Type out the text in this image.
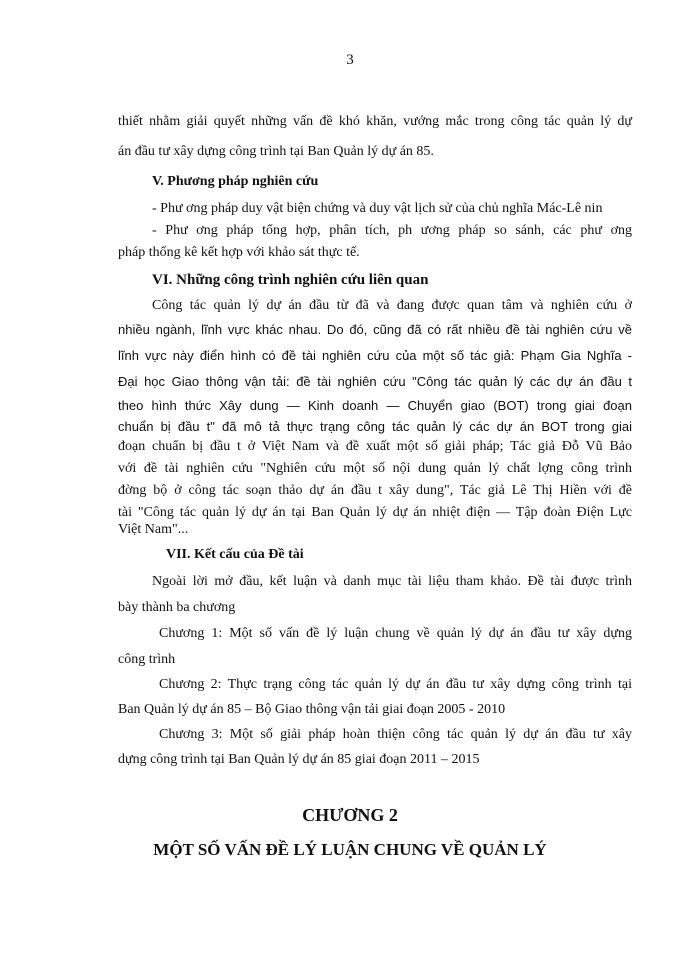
3
thiết nhằm giải quyết những vấn đề khó khăn, vướng mắc trong công tác quản lý dự
án đầu tư xây dựng công trình tại Ban Quản lý dự án 85.
V. Phương pháp nghiên cứu
- Phư ơng pháp duy vật biện chứng và duy vật lịch sử của chủ nghĩa Mác-Lê nin
- Phư ơng pháp tổng hợp, phân tích, ph ương pháp so sánh, các phư ơng
pháp thống kê kết hợp với khảo sát thực tế.
VI. Những công trình nghiên cứu liên quan
Công tác quản lý dự án đầu từ đã và đang được quan tâm và nghiên cứu ở
nhiều ngành, lĩnh vực khác nhau. Do đó, cũng đã có rất nhiều đề tài nghiên cứu về
lĩnh vực này điển hình có đề tài nghiên cứu của một số tác giả: Phạm Gia Nghĩa -
Đại học Giao thông vận tải: đề tài nghiên cứu "Công tác quản lý các dự án đầu t
theo hình thức Xây dung — Kinh doanh — Chuyển giao (BOT) trong giai đoạn
chuẩn bị đầu t" đã mô tả thực trạng công tác quản lý các dự án BOT trong giai
đoạn chuẩn bị đầu t ở Việt Nam và đề xuất một số giải pháp; Tác giả Đỗ Vũ Bảo
với đề tài nghiên cứu "Nghiên cứu một số nội dung quản lý chất lợng công trình
đờng bộ ở công tác soạn thảo dự án đầu t xây dung", Tác giả Lê Thị Hiền với đề
tài "Công tác quản lý dự án tại Ban Quản lý dự án nhiệt điện — Tập đoàn Điện Lực
Việt Nam"...
VII. Kết cấu của Đề tài
Ngoài lời mở đầu, kết luận và danh mục tài liệu tham khảo. Đề tài được trình
bày thành ba chương
Chương 1: Một số vấn đề lý luận chung về quản lý dự án đầu tư xây dựng
công trình
Chương 2: Thực trạng công tác quản lý dự án đầu tư xây dựng công trình tại
Ban Quản lý dự án 85 – Bộ Giao thông vận tải giai đoạn 2005 - 2010
Chương 3: Một số giải pháp hoàn thiện công tác quản lý dự án đầu tư xây
dựng công trình tại Ban Quản lý dự án 85 giai đoạn 2011 – 2015
CHƯƠNG 2
MỘT SỐ VẤN ĐỀ LÝ LUẬN CHUNG VỀ QUẢN LÝ
